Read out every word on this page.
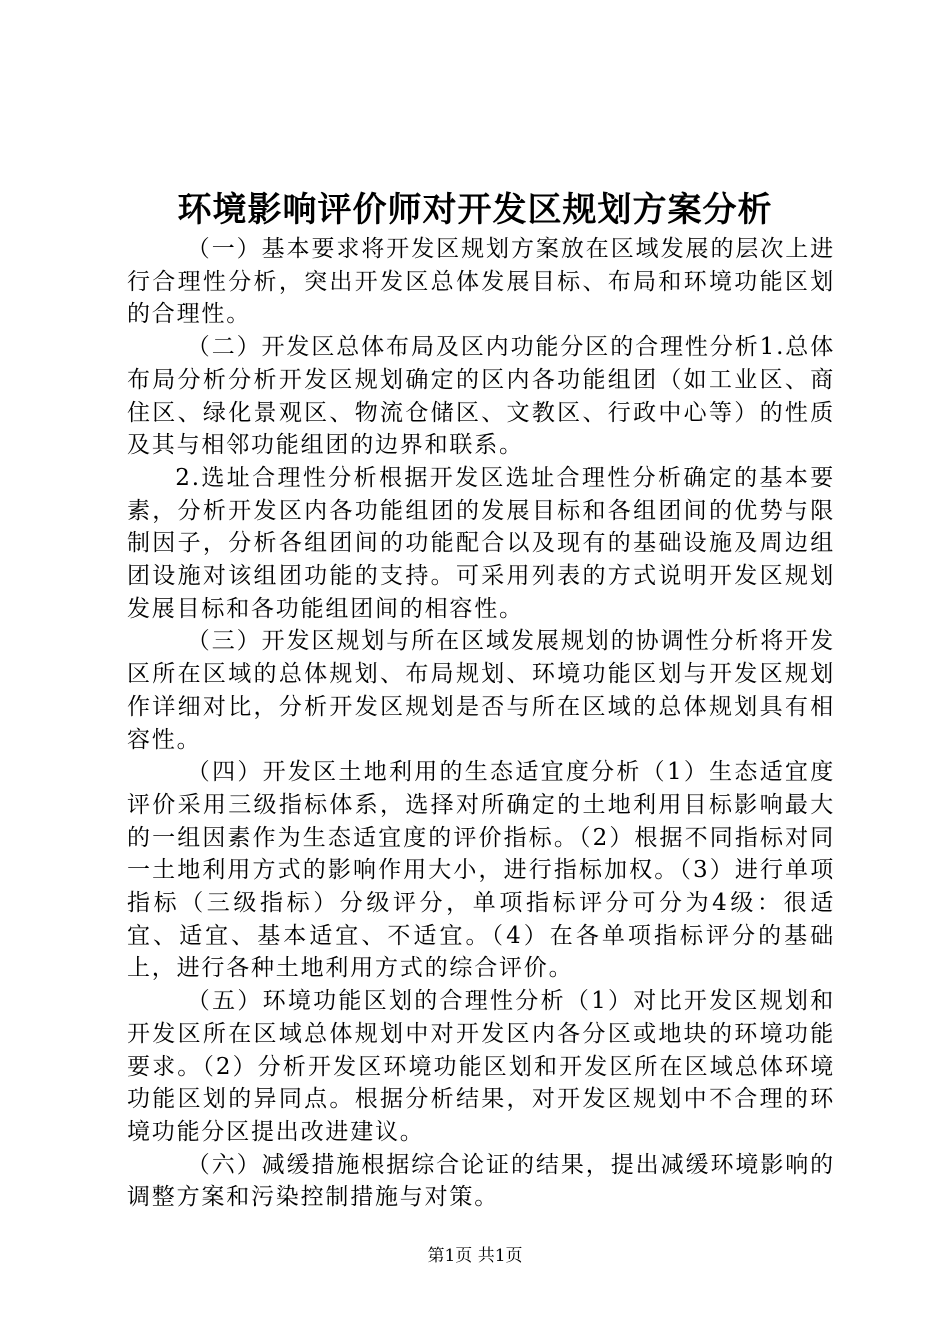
环境影响评价师对开发区规划方案分析

（一）基本要求将开发区规划方案放在区域发展的层次上进行合理性分析，突出开发区总体发展目标、布局和环境功能区划的合理性。

（二）开发区总体布局及区内功能分区的合理性分析1.总体布局分析分析开发区规划确定的区内各功能组团（如工业区、商住区、绿化景观区、物流仓储区、文教区、行政中心等）的性质及其与相邻功能组团的边界和联系。

2.选址合理性分析根据开发区选址合理性分析确定的基本要素，分析开发区内各功能组团的发展目标和各组团间的优势与限制因子，分析各组团间的功能配合以及现有的基础设施及周边组团设施对该组团功能的支持。可采用列表的方式说明开发区规划发展目标和各功能组团间的相容性。

（三）开发区规划与所在区域发展规划的协调性分析将开发区所在区域的总体规划、布局规划、环境功能区划与开发区规划作详细对比，分析开发区规划是否与所在区域的总体规划具有相容性。

（四）开发区土地利用的生态适宜度分析（1）生态适宜度评价采用三级指标体系，选择对所确定的土地利用目标影响最大的一组因素作为生态适宜度的评价指标。（2）根据不同指标对同一土地利用方式的影响作用大小，进行指标加权。（3）进行单项指标（三级指标）分级评分，单项指标评分可分为4级：很适宜、适宜、基本适宜、不适宜。（4）在各单项指标评分的基础上，进行各种土地利用方式的综合评价。

（五）环境功能区划的合理性分析（1）对比开发区规划和开发区所在区域总体规划中对开发区内各分区或地块的环境功能要求。（2）分析开发区环境功能区划和开发区所在区域总体环境功能区划的异同点。根据分析结果，对开发区规划中不合理的环境功能分区提出改进建议。

（六）减缓措施根据综合论证的结果，提出减缓环境影响的调整方案和污染控制措施与对策。

第1页 共1页
